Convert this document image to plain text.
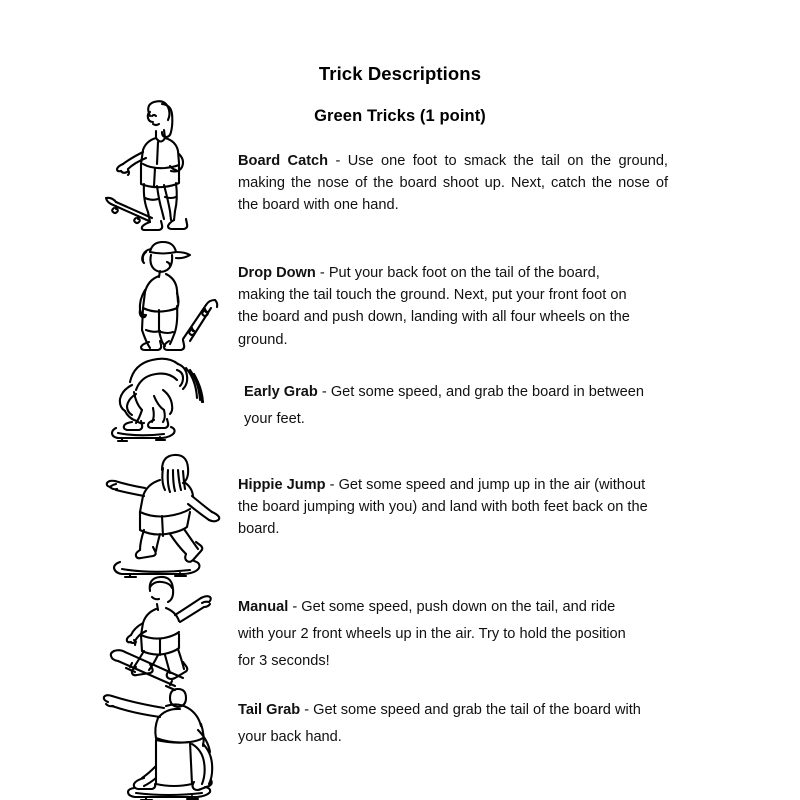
Trick Descriptions
Green Tricks (1 point)

Board Catch - Use one foot to smack the tail on the ground, making the nose of the board shoot up. Next, catch the nose of the board with one hand.

Drop Down - Put your back foot on the tail of the board, making the tail touch the ground. Next, put your front foot on the board and push down, landing with all four wheels on the ground.

Early Grab - Get some speed, and grab the board in between your feet.

Hippie Jump - Get some speed and jump up in the air (without the board jumping with you) and land with both feet back on the board.

Manual - Get some speed, push down on the tail, and ride with your 2 front wheels up in the air. Try to hold the position for 3 seconds!

Tail Grab - Get some speed and grab the tail of the board with your back hand.
